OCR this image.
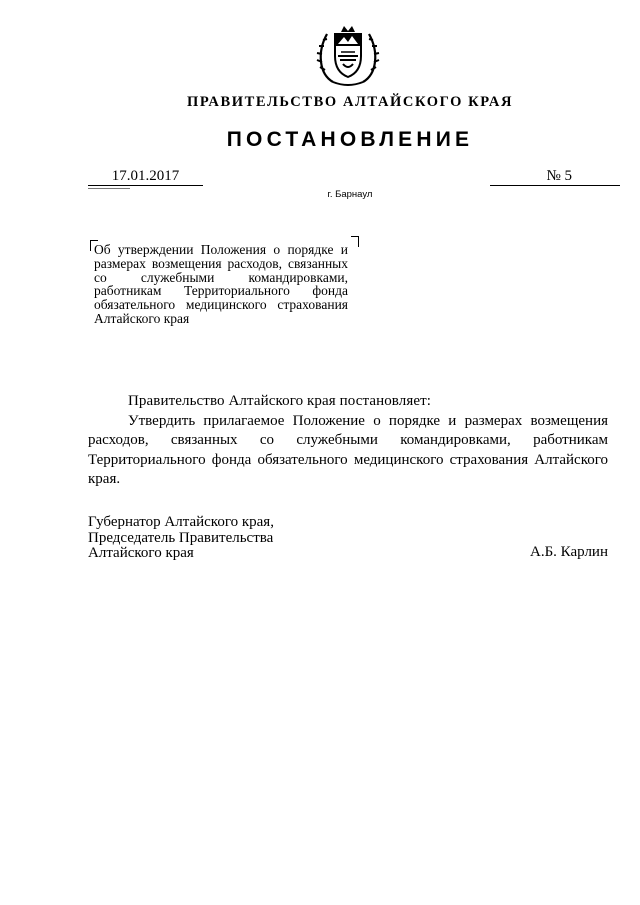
ПРАВИТЕЛЬСТВО АЛТАЙСКОГО КРАЯ
ПОСТАНОВЛЕНИЕ
17.01.2017	№ 5
г. Барнаул
Об утверждении Положения о порядке и размерах возмещения расходов, связанных со служебными командировками, работникам Территориального фонда обязательного медицинского страхования Алтайского края
Правительство Алтайского края постановляет:
Утвердить прилагаемое Положение о порядке и размерах возмещения расходов, связанных со служебными командировками, работникам Территориального фонда обязательного медицинского страхования Алтайского края.
Губернатор Алтайского края,
Председатель Правительства
Алтайского края	А.Б. Карлин
